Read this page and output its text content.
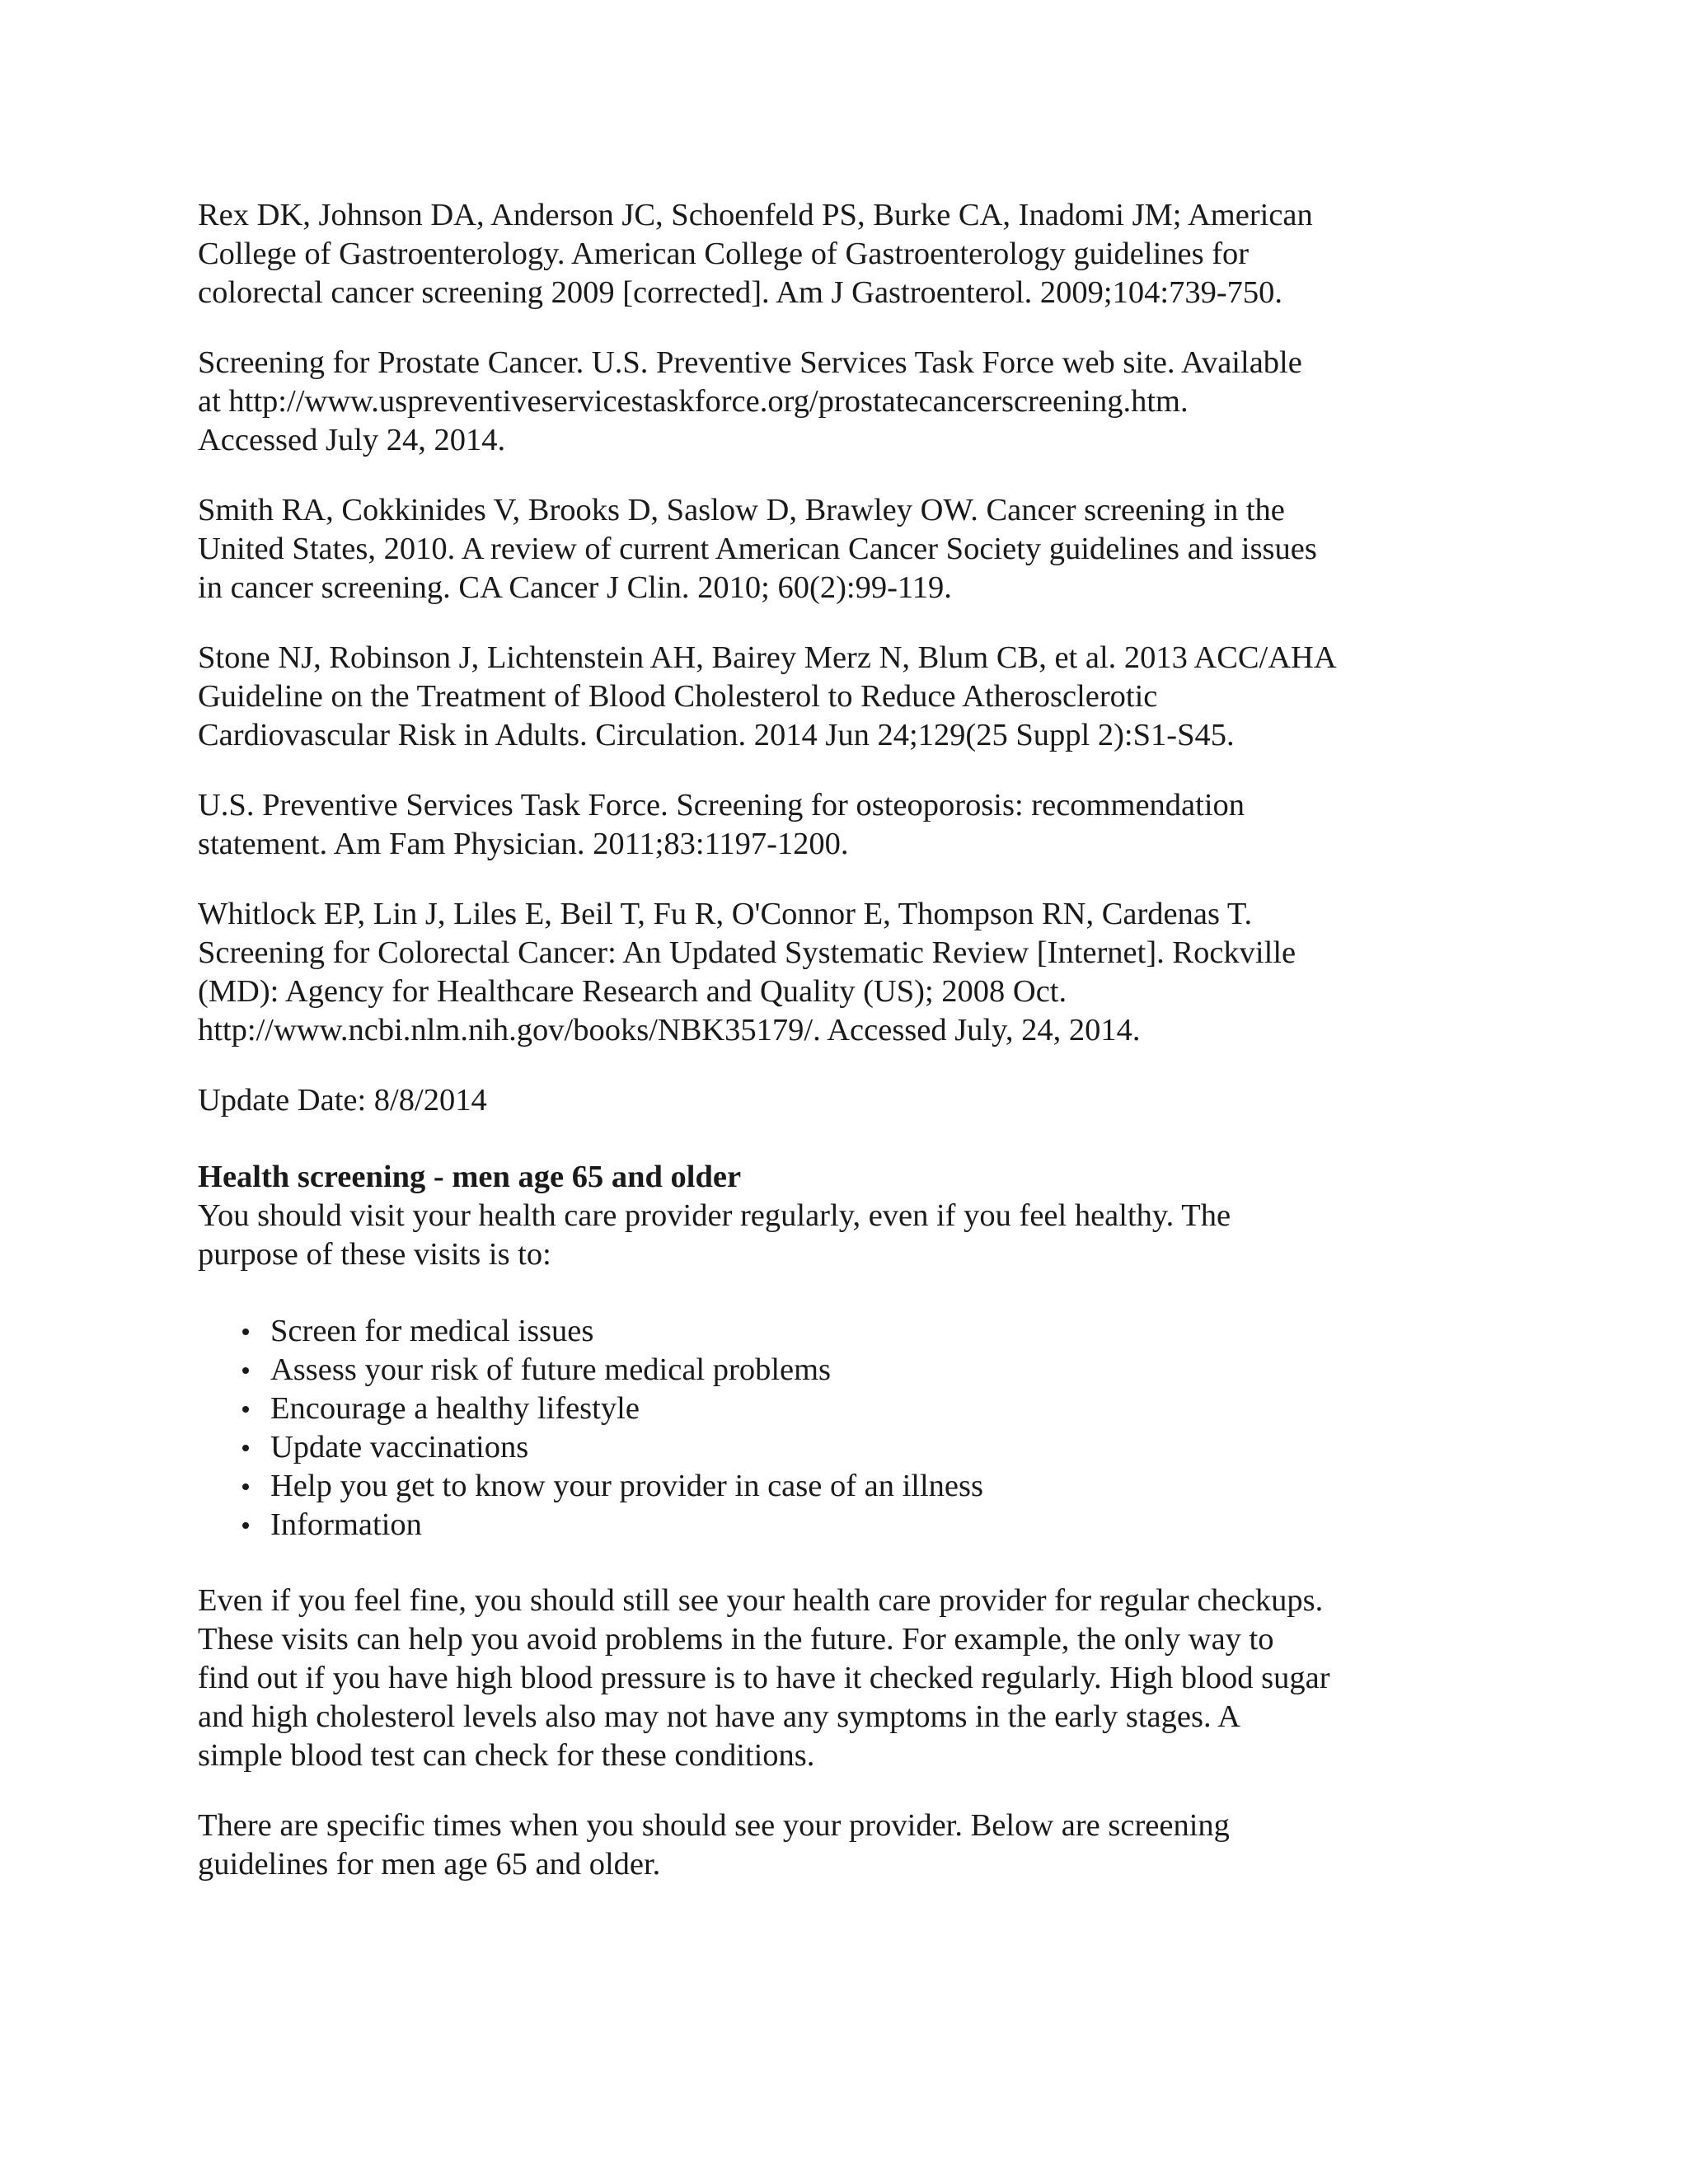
Rex DK, Johnson DA, Anderson JC, Schoenfeld PS, Burke CA, Inadomi JM; American
College of Gastroenterology. American College of Gastroenterology guidelines for
colorectal cancer screening 2009 [corrected]. Am J Gastroenterol. 2009;104:739-750.

Screening for Prostate Cancer. U.S. Preventive Services Task Force web site. Available
at http://www.uspreventiveservicestaskforce.org/prostatecancerscreening.htm.
Accessed July 24, 2014.

Smith RA, Cokkinides V, Brooks D, Saslow D, Brawley OW. Cancer screening in the
United States, 2010. A review of current American Cancer Society guidelines and issues
in cancer screening. CA Cancer J Clin. 2010; 60(2):99-119.

Stone NJ, Robinson J, Lichtenstein AH, Bairey Merz N, Blum CB, et al. 2013 ACC/AHA
Guideline on the Treatment of Blood Cholesterol to Reduce Atherosclerotic
Cardiovascular Risk in Adults. Circulation. 2014 Jun 24;129(25 Suppl 2):S1-S45.

U.S. Preventive Services Task Force. Screening for osteoporosis: recommendation
statement. Am Fam Physician. 2011;83:1197-1200.

Whitlock EP, Lin J, Liles E, Beil T, Fu R, O'Connor E, Thompson RN, Cardenas T.
Screening for Colorectal Cancer: An Updated Systematic Review [Internet]. Rockville
(MD): Agency for Healthcare Research and Quality (US); 2008 Oct.
http://www.ncbi.nlm.nih.gov/books/NBK35179/. Accessed July, 24, 2014.

Update Date: 8/8/2014

Health screening - men age 65 and older

You should visit your health care provider regularly, even if you feel healthy. The
purpose of these visits is to:

Screen for medical issues
Assess your risk of future medical problems
Encourage a healthy lifestyle
Update vaccinations
Help you get to know your provider in case of an illness
Information

Even if you feel fine, you should still see your health care provider for regular checkups.
These visits can help you avoid problems in the future. For example, the only way to
find out if you have high blood pressure is to have it checked regularly. High blood sugar
and high cholesterol levels also may not have any symptoms in the early stages. A
simple blood test can check for these conditions.

There are specific times when you should see your provider. Below are screening
guidelines for men age 65 and older.
